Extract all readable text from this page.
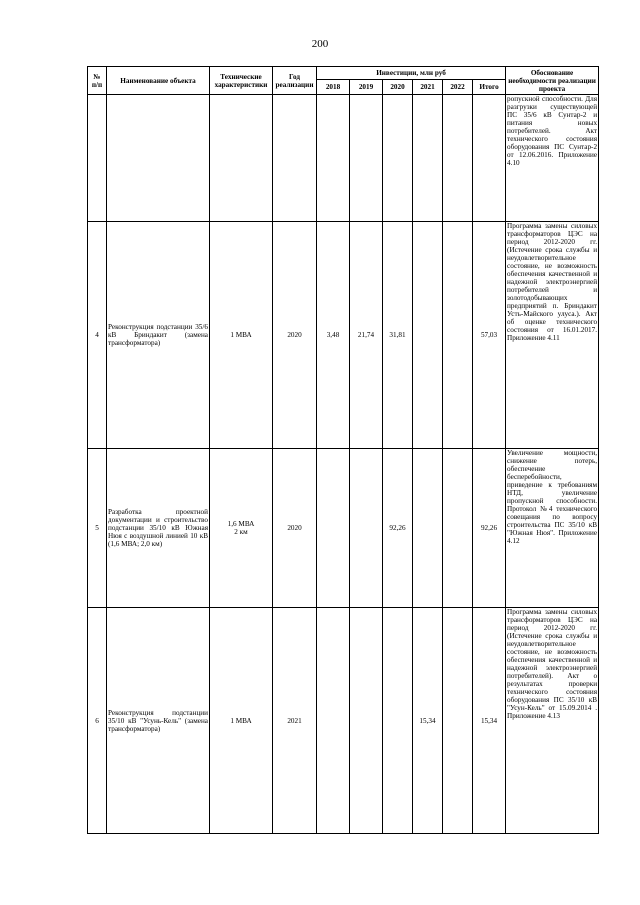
200
№
п/п	Наименование объекта	Технические характеристики	Год реализации	Инвестиции, млн руб						Обоснование необходимости реализации проекта
				2018	2019	2020	2021	2022	Итого	
										ропускной способности. Для разгрузки существующей ПС 35/6 кВ Сунтар-2 и питания новых потребителей. Акт технического состояния оборудования ПС Сунтар-2 от 12.06.2016. Приложение 4.10
4	Реконструкция подстанции 35/6 кВ Бриндакит (замена трансформатора)	1 МВА	2020	3,48	21,74	31,81			57,03	Программа замены силовых трансформаторов ЦЭС на период 2012-2020 гг. (Истечение срока службы и неудовлетворительное состояние, не возможность обеспечения качественной и надежной электроэнергией потребителей и золотодобывающих предприятий п. Бриндакит Усть-Майского улуса.). Акт об оценке технического состояния от 16.01.2017. Приложение 4.11
5	Разработка проектной документации и строительство подстанции 35/10 кВ Южная Нюя с воздушной линией 10 кВ (1,6 МВА; 2,0 км)	1,6 МВА
2 км	2020			92,26			92,26	Увеличение мощности, снижение потерь, обеспечение бесперебойности, приведение к требованиям НТД, увеличение пропускной способности. Протокол №4 технического совещания по вопросу строительства ПС 35/10 кВ "Южная Нюя". Приложение 4.12
6	Реконструкция подстанции 35/10 кВ "Усунь-Кель" (замена трансформатора)	1 МВА	2021				15,34		15,34	Программа замены силовых трансформаторов ЦЭС на период 2012-2020 гг. (Истечение срока службы и неудовлетворительное состояние, не возможность обеспечения качественной и надежной электроэнергией потребителей). Акт о результатах проверки технического состояния оборудования ПС 35/10 кВ "Усун-Кель" от 15.09.2014 . Приложение 4.13
